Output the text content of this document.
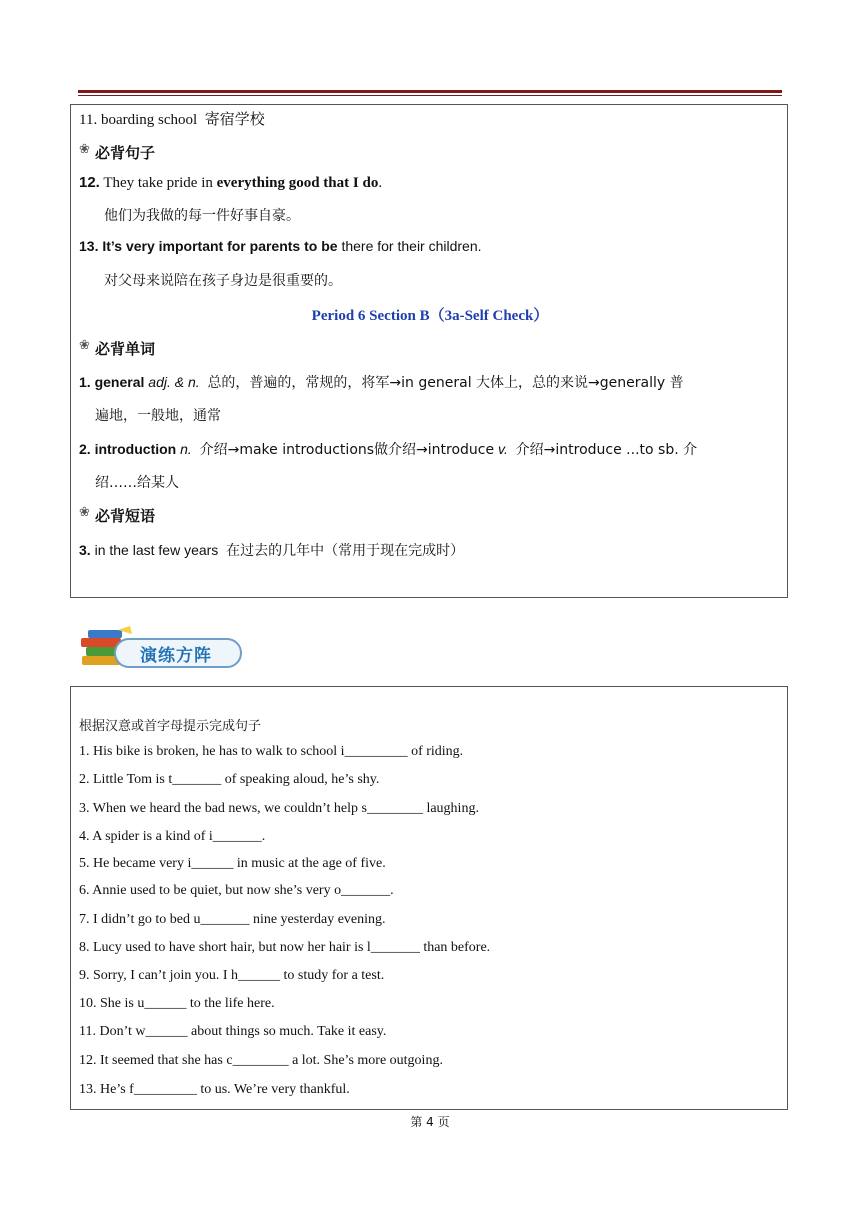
11. boarding school 寄宿学校
❀必背句子
12. They take pride in everything good that I do.
他们为我做的每一件好事自豪。
13. It’s very important for parents to be there for their children.
对父母来说陪在孩子身边是很重要的。
Period 6 Section B（3a-Self Check）
❀必背单词
1. general adj. & n. 总的，普遍的，常规的，将军→in general 大体上，总的来说→generally 普
遍地，一般地，通常
2. introduction n. 介绍→make introductions做介绍→introduce v. 介绍→introduce ...to sb. 介
绍……给某人
❀必背短语
3. in the last few years 在过去的几年中（常用于现在完成时）
演练方阵
根据汉意或首字母提示完成句子
1. His bike is broken, he has to walk to school i_________ of riding.
2. Little Tom is t_______ of speaking aloud, he’s shy.
3. When we heard the bad news, we couldn’t help s________ laughing.
4. A spider is a kind of i_______.
5. He became very i______ in music at the age of five.
6. Annie used to be quiet, but now she’s very o_______.
7. I didn’t go to bed u_______ nine yesterday evening.
8. Lucy used to have short hair, but now her hair is l_______ than before.
9. Sorry, I can’t join you. I h______ to study for a test.
10. She is u______ to the life here.
11. Don’t w______ about things so much. Take it easy.
12. It seemed that she has c________ a lot. She’s more outgoing.
13. He’s f_________ to us. We’re very thankful.
第 4 页
